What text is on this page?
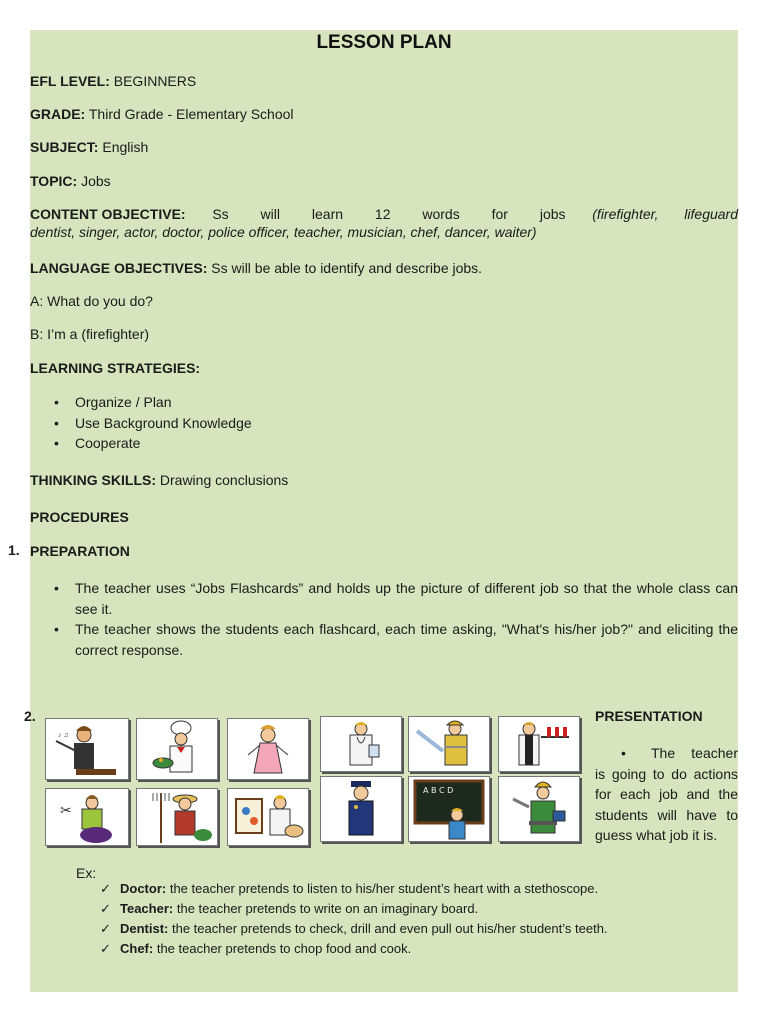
LESSON PLAN
EFL LEVEL: BEGINNERS
GRADE: Third Grade - Elementary School
SUBJECT: English
TOPIC: Jobs
CONTENT OBJECTIVE: Ss will learn 12 words for jobs (firefighter, lifeguard
dentist, singer, actor, doctor, police officer, teacher, musician, chef, dancer, waiter)
LANGUAGE OBJECTIVES: Ss will be able to identify and describe jobs.
A: What do you do?
B: I’m a (firefighter)
LEARNING STRATEGIES:
• Organize / Plan
• Use Background Knowledge
• Cooperate
THINKING SKILLS: Drawing conclusions
PROCEDURES
PREPARATION
• The teacher uses “Jobs Flashcards” and holds up the picture of different job so that the whole class can see it.
• The teacher shows the students each flashcard, each time asking, "What's his/her job?" and eliciting the correct response.
♪ ♫
✂
A B C D
1.
2.	PRESENTATION
• The teacher is going to do actions for each job and the students will have to guess what job it is.
Ex:
✓ Doctor: the teacher pretends to listen to his/her student’s heart with a stethoscope.
✓ Teacher: the teacher pretends to write on an imaginary board.
✓ Dentist: the teacher pretends to check, drill and even pull out his/her student’s teeth.
✓ Chef: the teacher pretends to chop food and cook.
